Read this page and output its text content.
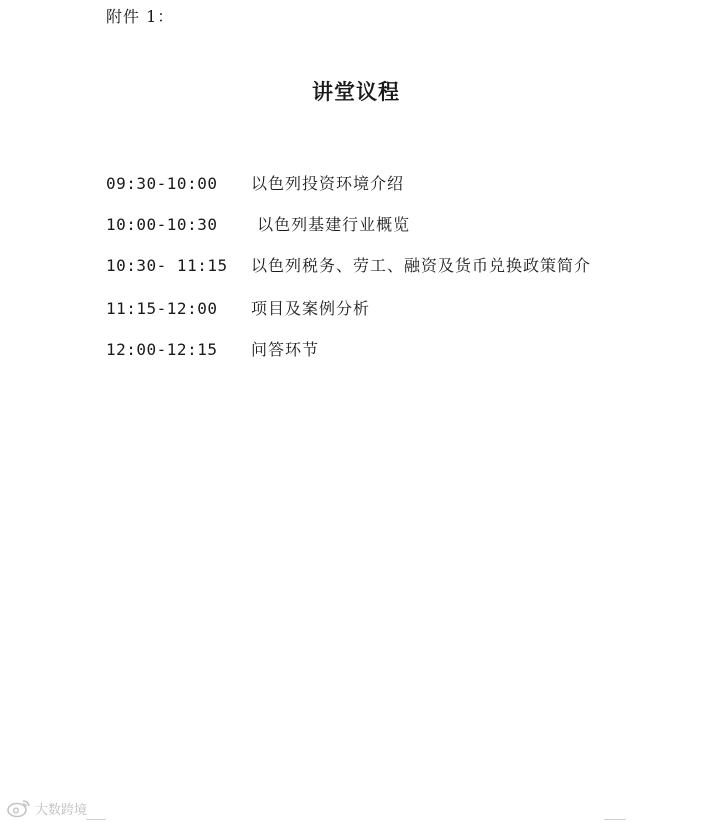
附件 1：
讲堂议程
09:30-10:00 以色列投资环境介绍
10:00-10:30 以色列基建行业概览
10:30- 11:15 以色列税务、劳工、融资及货币兑换政策简介
11:15-12:00 项目及案例分析
12:00-12:15 问答环节
大数跨境
